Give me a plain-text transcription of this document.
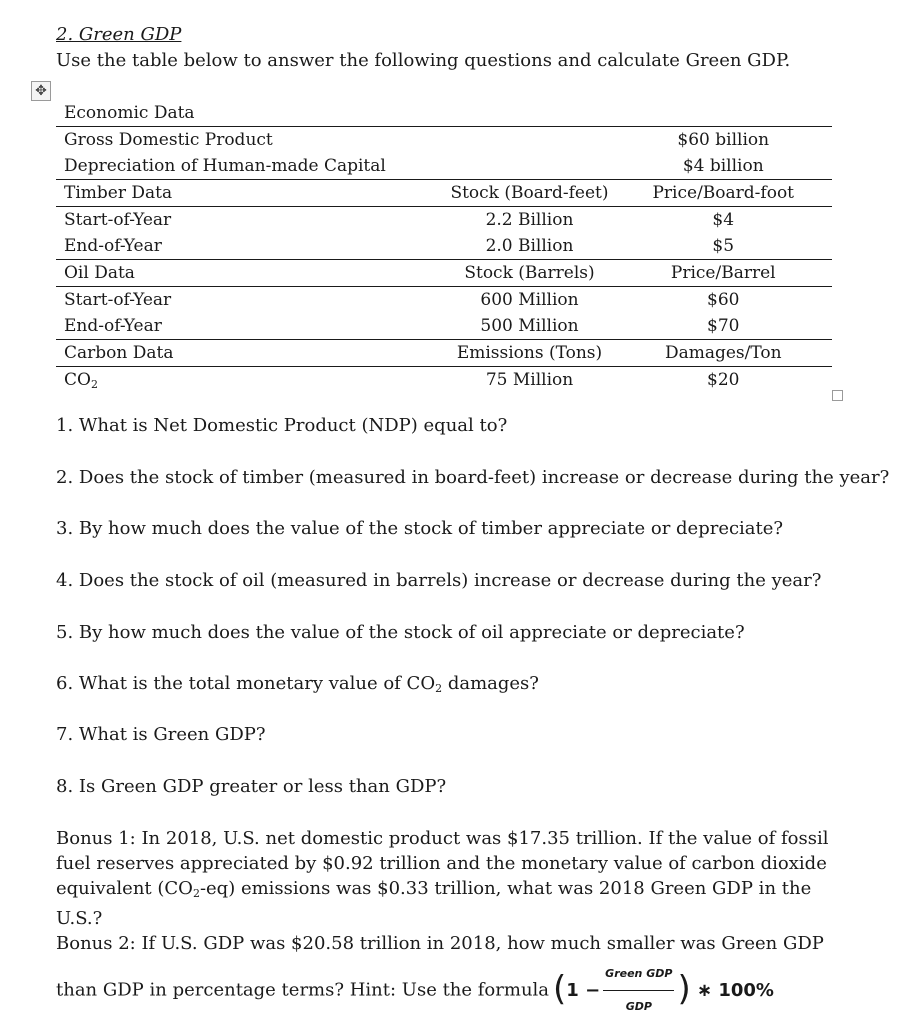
2. Green GDP
Use the table below to answer the following questions and calculate Green GDP.
✥
Economic Data		
Gross Domestic Product		$60 billion
Depreciation of Human-made Capital		$4 billion
Timber Data	Stock (Board-feet)	Price/Board-foot
Start-of-Year	2.2 Billion	$4
End-of-Year	2.0 Billion	$5
Oil Data	Stock (Barrels)	Price/Barrel
Start-of-Year	600 Million	$60
End-of-Year	500 Million	$70
Carbon Data	Emissions (Tons)	Damages/Ton
$CO_2$	75 Million	$20
1. What is Net Domestic Product (NDP) equal to?
2. Does the stock of timber (measured in board-feet) increase or decrease during the year?
3. By how much does the value of the stock of timber appreciate or depreciate?
4. Does the stock of oil (measured in barrels) increase or decrease during the year?
5. By how much does the value of the stock of oil appreciate or depreciate?
6. What is the total monetary value of $CO_2$ damages?
7. What is Green GDP?
8. Is Green GDP greater or less than GDP?
Bonus 1: In 2018, U.S. net domestic product was $17.35 trillion. If the value of fossil fuel reserves appreciated by $0.92 trillion and the monetary value of carbon dioxide equivalent $(CO_2-eq)$ emissions was $0.33 trillion, what was 2018 Green GDP in the U.S.?
Bonus 2: If U.S. GDP was $20.58 trillion in 2018, how much smaller was Green GDP than GDP in percentage terms? Hint: Use the formula ( $1 - \frac{\text{Green GDP}}{\text{GDP}}$ )
∗ 100%
